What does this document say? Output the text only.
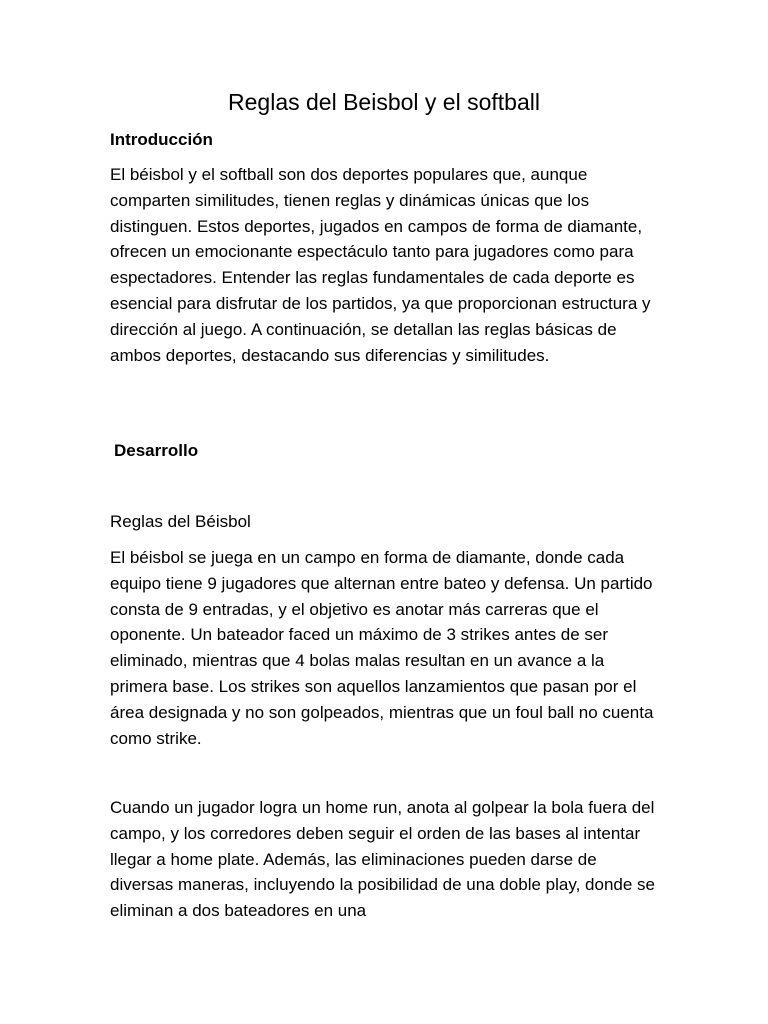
Reglas del Beisbol y el softball
Introducción

El béisbol y el softball son dos deportes populares que, aunque comparten similitudes, tienen reglas y dinámicas únicas que los distinguen. Estos deportes, jugados en campos de forma de diamante, ofrecen un emocionante espectáculo tanto para jugadores como para espectadores. Entender las reglas fundamentales de cada deporte es esencial para disfrutar de los partidos, ya que proporcionan estructura y dirección al juego. A continuación, se detallan las reglas básicas de ambos deportes, destacando sus diferencias y similitudes.

Desarrollo
Reglas del Béisbol

El béisbol se juega en un campo en forma de diamante, donde cada equipo tiene 9 jugadores que alternan entre bateo y defensa. Un partido consta de 9 entradas, y el objetivo es anotar más carreras que el oponente. Un bateador faced un máximo de 3 strikes antes de ser eliminado, mientras que 4 bolas malas resultan en un avance a la primera base. Los strikes son aquellos lanzamientos que pasan por el área designada y no son golpeados, mientras que un foul ball no cuenta como strike.

Cuando un jugador logra un home run, anota al golpear la bola fuera del campo, y los corredores deben seguir el orden de las bases al intentar llegar a home plate. Además, las eliminaciones pueden darse de diversas maneras, incluyendo la posibilidad de una doble play, donde se eliminan a dos bateadores en una
